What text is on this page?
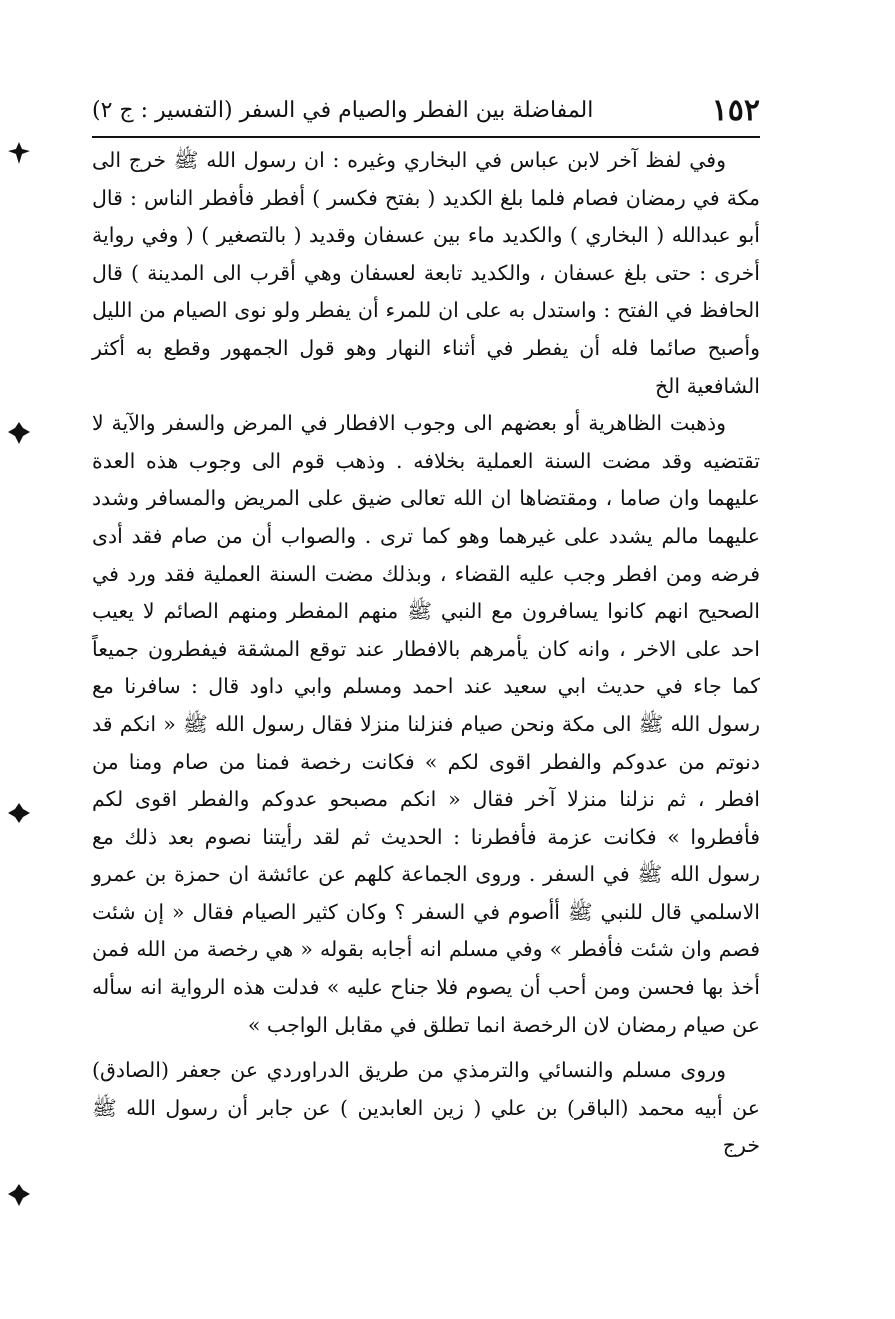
١٥٢
المفاضلة بين الفطر والصيام في السفر (التفسير : ج ٢)

وفي لفظ آخر لابن عباس في البخاري وغيره : ان رسول الله ﷺ خرج الى مكة في رمضان فصام فلما بلغ الكديد ( بفتح فكسر ) أفطر فأفطر الناس : قال أبو عبدالله ( البخاري ) والكديد ماء بين عسفان وقديد ( بالتصغير ) ( وفي رواية أخرى : حتى بلغ عسفان ، والكديد تابعة لعسفان وهي أقرب الى المدينة ) قال الحافظ في الفتح : واستدل به على ان للمرء أن يفطر ولو نوى الصيام من الليل وأصبح صائما فله أن يفطر في أثناء النهار وهو قول الجمهور وقطع به أكثر الشافعية الخ

وذهبت الظاهرية أو بعضهم الى وجوب الافطار في المرض والسفر والآية لا تقتضيه وقد مضت السنة العملية بخلافه . وذهب قوم الى وجوب هذه العدة عليهما وان صاما ، ومقتضاها ان الله تعالى ضيق على المريض والمسافر وشدد عليهما مالم يشدد على غيرهما وهو كما ترى . والصواب أن من صام فقد أدى فرضه ومن افطر وجب عليه القضاء ، وبذلك مضت السنة العملية فقد ورد في الصحيح انهم كانوا يسافرون مع النبي ﷺ منهم المفطر ومنهم الصائم لا يعيب احد على الاخر ، وانه كان يأمرهم بالافطار عند توقع المشقة فيفطرون جميعاً كما جاء في حديث ابي سعيد عند احمد ومسلم وابي داود قال : سافرنا مع رسول الله ﷺ الى مكة ونحن صيام فنزلنا منزلا فقال رسول الله ﷺ « انكم قد دنوتم من عدوكم والفطر اقوى لكم » فكانت رخصة فمنا من صام ومنا من افطر ، ثم نزلنا منزلا آخر فقال « انكم مصبحو عدوكم والفطر اقوى لكم فأفطروا » فكانت عزمة فأفطرنا : الحديث ثم لقد رأيتنا نصوم بعد ذلك مع رسول الله ﷺ في السفر . وروى الجماعة كلهم عن عائشة ان حمزة بن عمرو الاسلمي قال للنبي ﷺ أأصوم في السفر ؟ وكان كثير الصيام فقال « إن شئت فصم وان شئت فأفطر » وفي مسلم انه أجابه بقوله « هي رخصة من الله فمن أخذ بها فحسن ومن أحب أن يصوم فلا جناح عليه » فدلت هذه الرواية انه سأله عن صيام رمضان لان الرخصة انما تطلق في مقابل الواجب »

وروى مسلم والنسائي والترمذي من طريق الدراوردي عن جعفر (الصادق) عن أبيه محمد (الباقر) بن علي ( زين العابدين ) عن جابر أن رسول الله ﷺ خرج
